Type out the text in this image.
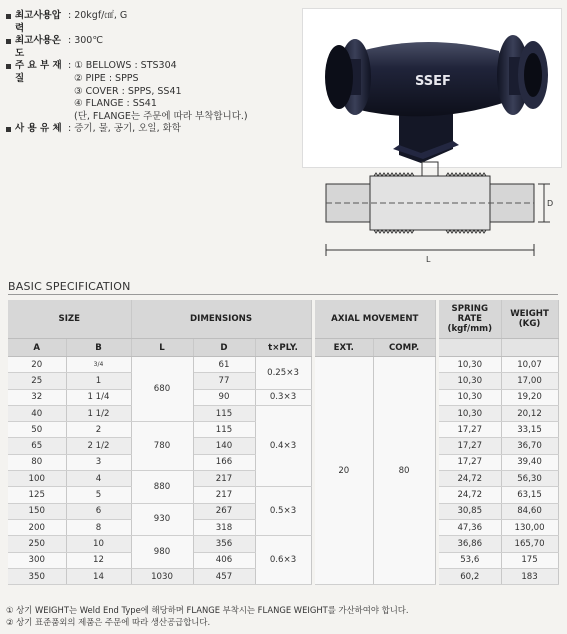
최고사용압력
: 20kgf/㎠, G
최고사용온도
: 300℃
주 요 부 재 질
: ① BELLOWS : STS304
② PIPE : SPPS
③ COVER : SPPS, SS41
④ FLANGE : SS41
(단, FLANGE는 주문에 따라 부착합니다.)
사 용 유 체 : 증기, 물, 공기, 오일, 화학
SSEF
L
D
BASIC SPECIFICATION
SIZE		DIMENSIONS				AXIAL MOVEMENT			SPRING RATE
(kgf/mm)	WEIGHT
(KG)
A	B	L	D	t×PLY.		EXT.	COMP.			
20	3/4	680	61	0.25×3		20	80		10,30	10,07
25	1		77						10,30	17,00
32	1 1/4		90	0.3×3					10,30	19,20
40	1 1/2		115	0.4×3					10,30	20,12
50	2	780	115						17,27	33,15
65	2 1/2		140						17,27	36,70
80	3		166						17,27	39,40
100	4	880	217						24,72	56,30
125	5		217	0.5×3					24,72	63,15
150	6	930	267						30,85	84,60
200	8		318						47,36	130,00
250	10	980	356	0.6×3					36,86	165,70
300	12		406						53,6	175
350	14	1030	457						60,2	183
① 상기 WEIGHT는 Weld End Type에 해당하며 FLANGE 부착시는 FLANGE WEIGHT를 가산하여야 합니다.
② 상기 표준품외의 제품은 주문에 따라 생산공급합니다.
